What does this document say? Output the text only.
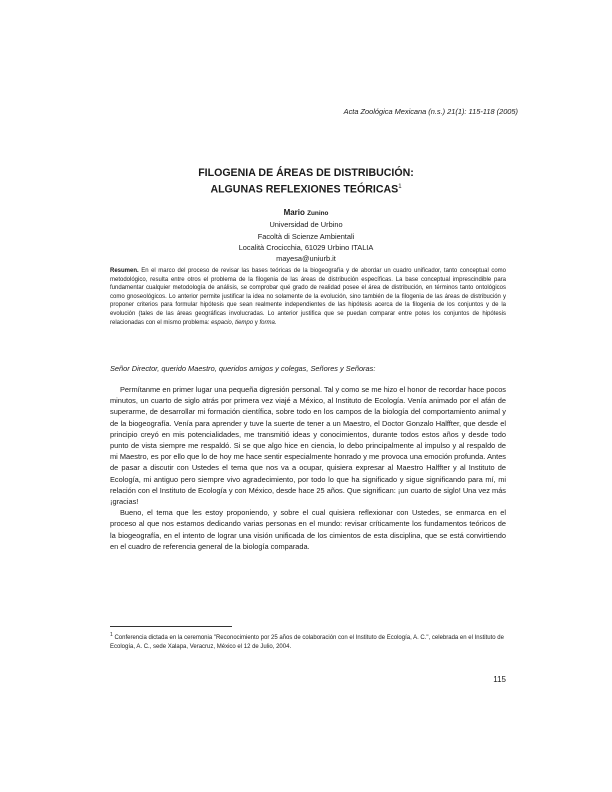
Acta Zoológica Mexicana (n.s.) 21(1): 115-118 (2005)
FILOGENIA DE ÁREAS DE DISTRIBUCIÓN:
ALGUNAS REFLEXIONES TEÓRICAS$^1$
Mario Zunino
Universidad de Urbino
Facoltà di Scienze Ambientali
Località Crocicchia, 61029 Urbino ITALIA
mayesa@uniurb.it
Resumen. En el marco del proceso de revisar las bases teóricas de la biogeografía y de abordar un cuadro unificador, tanto conceptual como metodológico, resulta entre otros el problema de la filogenia de las áreas de distribución específicas. La base conceptual imprescindible para fundamentar cualquier metodología de análisis, se comprobar qué grado de realidad posee el área de distribución, en términos tanto ontológicos como gnoseológicos. Lo anterior permite justificar la idea no solamente de la evolución, sino también de la filogenia de las áreas de distribución y proponer criterios para formular hipótesis que sean realmente independientes de las hipótesis acerca de la filogenia de los conjuntos y de la evolución (tales de las áreas geográficas involucradas. Lo anterior justifica que se puedan comparar entre potes los conjuntos de hipótesis relacionadas con el mismo problema: espacio, tiempo y forma.
Señor Director, querido Maestro, queridos amigos y colegas, Señores y Señoras:

Permítanme en primer lugar una pequeña digresión personal. Tal y como se me hizo el honor de recordar hace pocos minutos, un cuarto de siglo atrás por primera vez viajé a México, al Instituto de Ecología. Venía animado por el afán de superarme, de desarrollar mi formación científica, sobre todo en los campos de la biología del comportamiento animal y de la biogeografía. Venía para aprender y tuve la suerte de tener a un Maestro, el Doctor Gonzalo Halffter, que desde el principio creyó en mis potencialidades, me transmitió ideas y conocimientos, durante todos estos años y desde todo punto de vista siempre me respaldó. Si se que algo hice en ciencia, lo debo principalmente al impulso y al respaldo de mi Maestro, es por ello que lo de hoy me hace sentir especialmente honrado y me provoca una emoción profunda. Antes de pasar a discutir con Ustedes el tema que nos va a ocupar, quisiera expresar al Maestro Halffter y al Instituto de Ecología, mi antiguo pero siempre vivo agradecimiento, por todo lo que ha significado y sigue significando para mí, mi relación con el Instituto de Ecología y con México, desde hace 25 años. Que significan: ¡un cuarto de siglo! Una vez más ¡gracias!

Bueno, el tema que les estoy proponiendo, y sobre el cual quisiera reflexionar con Ustedes, se enmarca en el proceso al que nos estamos dedicando varias personas en el mundo: revisar críticamente los fundamentos teóricos de la biogeografía, en el intento de lograr una visión unificada de los cimientos de esta disciplina, que se está convirtiendo en el cuadro de referencia general de la biología comparada.

$^1$ Conferencia dictada en la ceremonia "Reconocimiento por 25 años de colaboración con el Instituto de Ecología, A. C.", celebrada en el Instituto de Ecología, A. C., sede Xalapa, Veracruz, México el 12 de Julio, 2004.
115
